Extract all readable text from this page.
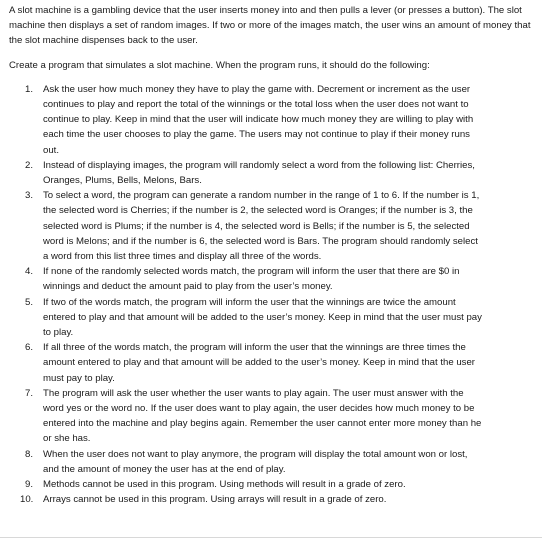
A slot machine is a gambling device that the user inserts money into and then pulls a lever (or presses a button). The slot machine then displays a set of random images. If two or more of the images match, the user wins an amount of money that the slot machine dispenses back to the user.

Create a program that simulates a slot machine. When the program runs, it should do the following:

1.	Ask the user how much money they have to play the game with. Decrement or increment as the user continues to play and report the total of the winnings or the total loss when the user does not want to continue to play. Keep in mind that the user will indicate how much money they are willing to play with each time the user chooses to play the game. The users may not continue to play if their money runs out.
2.	Instead of displaying images, the program will randomly select a word from the following list: Cherries, Oranges, Plums, Bells, Melons, Bars.
3.	To select a word, the program can generate a random number in the range of 1 to 6. If the number is 1, the selected word is Cherries; if the number is 2, the selected word is Oranges; if the number is 3, the selected word is Plums; if the number is 4, the selected word is Bells; if the number is 5, the selected word is Melons; and if the number is 6, the selected word is Bars. The program should randomly select a word from this list three times and display all three of the words.
4.	If none of the randomly selected words match, the program will inform the user that there are $0 in winnings and deduct the amount paid to play from the user’s money.
5.	If two of the words match, the program will inform the user that the winnings are twice the amount entered to play and that amount will be added to the user’s money. Keep in mind that the user must pay to play.
6.	If all three of the words match, the program will inform the user that the winnings are three times the amount entered to play and that amount will be added to the user’s money. Keep in mind that the user must pay to play.
7.	The program will ask the user whether the user wants to play again. The user must answer with the word yes or the word no. If the user does want to play again, the user decides how much money to be entered into the machine and play begins again. Remember the user cannot enter more money than he or she has.
8.	When the user does not want to play anymore, the program will display the total amount won or lost, and the amount of money the user has at the end of play.
9.	Methods cannot be used in this program. Using methods will result in a grade of zero.
10.	Arrays cannot be used in this program. Using arrays will result in a grade of zero.
